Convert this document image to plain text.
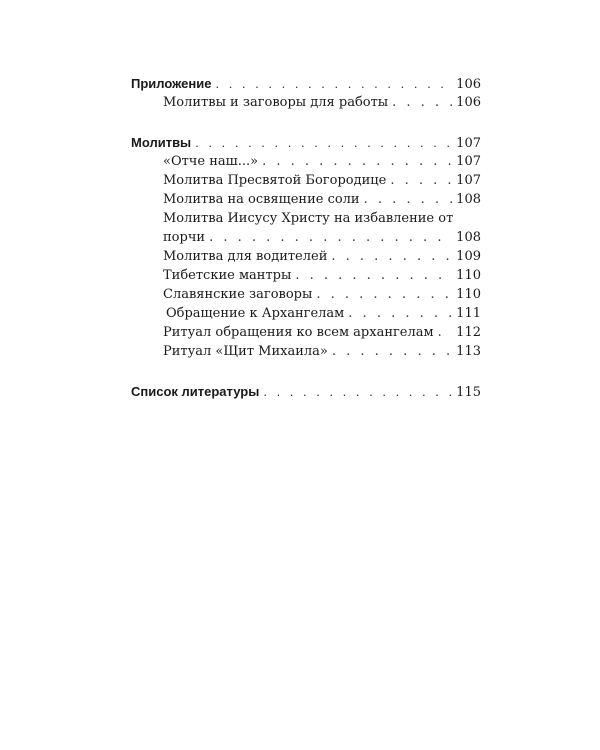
Приложение . . .	106
Молитвы и заговоры для работы . . .	106
Молитвы . . .	107
«Отче наш...» . . .	107
Молитва Пресвятой Богородице . . .	107
Молитва на освящение соли . . .	108
Молитва Иисусу Христу на избавление от
порчи . . .	108
Молитва для водителей . . .	109
Тибетские мантры . . .	110
Славянские заговоры . . .	110
Обращение к Архангелам . . .	111
Ритуал обращения ко всем архангелам . . . 112
Ритуал «Щит Михаила» . . .	113
Список литературы . . .	115
